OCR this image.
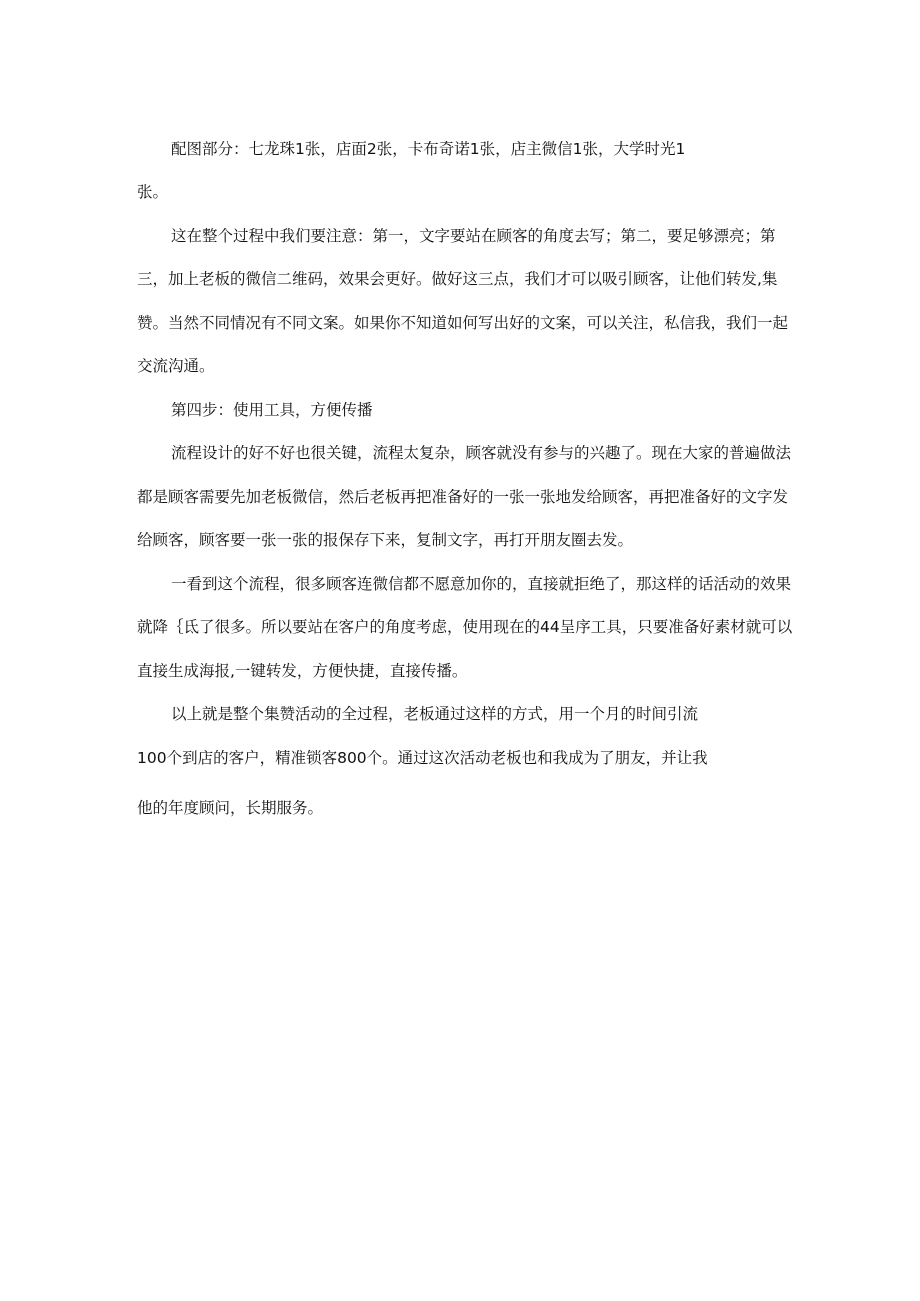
配图部分：七龙珠1张，店面2张，卡布奇诺1张，店主微信1张，大学时光1
张。
这在整个过程中我们要注意：第一，文字要站在顾客的角度去写；第二，要足够漂亮；第
三，加上老板的微信二维码，效果会更好。做好这三点，我们才可以吸引顾客，让他们转发,集
赞。当然不同情况有不同文案。如果你不知道如何写出好的文案，可以关注，私信我，我们一起
交流沟通。
第四步：使用工具，方便传播
流程设计的好不好也很关键，流程太复杂，顾客就没有参与的兴趣了。现在大家的普遍做法
都是顾客需要先加老板微信，然后老板再把准备好的一张一张地发给顾客，再把准备好的文字发
给顾客，顾客要一张一张的报保存下来，复制文字，再打开朋友圈去发。
一看到这个流程，很多顾客连微信都不愿意加你的，直接就拒绝了，那这样的话活动的效果
就降｛氐了很多。所以要站在客户的角度考虑，使用现在的44呈序工具，只要准备好素材就可以
直接生成海报,一键转发，方便快捷，直接传播。
以上就是整个集赞活动的全过程，老板通过这样的方式，用一个月的时间引流
100个到店的客户，精准锁客800个。通过这次活动老板也和我成为了朋友，并让我
他的年度顾问，长期服务。
